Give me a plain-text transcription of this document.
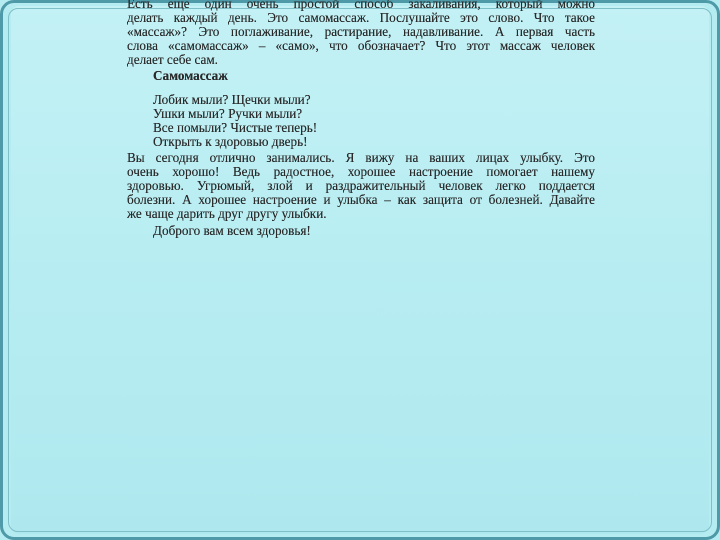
Есть еще один очень простой способ закаливания, который можно
делать каждый день. Это самомассаж. Послушайте это слово. Что такое
«массаж»? Это поглаживание, растирание, надавливание. А первая часть
слова «самомассаж» – «само», что обозначает? Что этот массаж человек
делает себе сам.
Самомассаж
Лобик мыли? Щечки мыли?
Ушки мыли? Ручки мыли?
Все помыли? Чистые теперь!
Открыть к здоровью дверь!
Вы сегодня отлично занимались. Я вижу на ваших лицах улыбку. Это
очень хорошо! Ведь радостное, хорошее настроение помогает нашему
здоровью. Угрюмый, злой и раздражительный человек легко поддается
болезни. А хорошее настроение и улыбка – как защита от болезней. Давайте
же чаще дарить друг другу улыбки.
Доброго вам всем здоровья!
